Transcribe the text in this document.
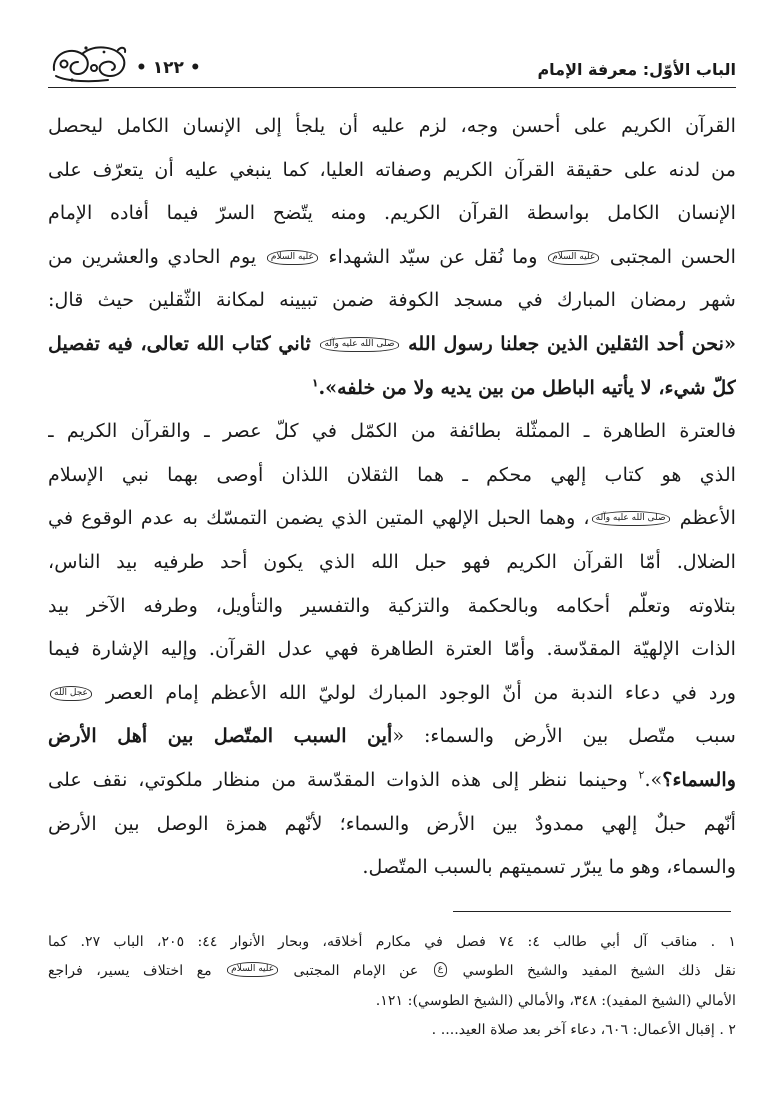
• ١٢٢ •	الباب الأوّل: معرفة الإمام
القرآن الكريم على أحسن وجه، لزم عليه أن يلجأ إلى الإنسان الكامل ليحصل
من لدنه على حقيقة القرآن الكريم وصفاته العليا، كما ينبغي عليه أن يتعرّف على
الإنسان الكامل بواسطة القرآن الكريم. ومنه يتّضح السرّ فيما أفاده الإمام
الحسن المجتبى عليه السلام وما نُقل عن سيّد الشهداء عليه السلام يوم الحادي والعشرين من
شهر رمضان المبارك في مسجد الكوفة ضمن تبيينه لمكانة الثّقلين حيث قال:
«نحن أحد الثقلين الذين جعلنا رسول الله صلى الله عليه وآله ثاني كتاب الله تعالى، فيه تفصيل
كلّ شيء، لا يأتيه الباطل من بين يديه ولا من خلفه».$^١$
فالعترة الطاهرة ـ الممثّلة بطائفة من الكمّل في كلّ عصر ـ والقرآن الكريم ـ
الذي هو كتاب إلهي محكم ـ هما الثقلان اللذان أوصى بهما نبي الإسلام
الأعظم صلى الله عليه وآله، وهما الحبل الإلهي المتين الذي يضمن التمسّك به عدم الوقوع في
الضلال. أمّا القرآن الكريم فهو حبل الله الذي يكون أحد طرفيه بيد الناس،
بتلاوته وتعلّم أحكامه وبالحكمة والتزكية والتفسير والتأويل، وطرفه الآخر بيد
الذات الإلهيّة المقدّسة. وأمّا العترة الطاهرة فهي عدل القرآن. وإليه الإشارة فيما
ورد في دعاء الندبة من أنّ الوجود المبارك لوليّ الله الأعظم إمام العصر عجل الله
سبب متّصل بين الأرض والسماء: «أين السبب المتّصل بين أهل الأرض
والسماء؟».$^٢$ وحينما ننظر إلى هذه الذوات المقدّسة من منظار ملكوتي، نقف على
أنّهم حبلٌ إلهي ممدودٌ بين الأرض والسماء؛ لأنّهم همزة الوصل بين الأرض
والسماء، وهو ما يبرّر تسميتهم بالسبب المتّصل.
١ . مناقب آل أبي طالب ٤: ٧٤ فصل في مكارم أخلاقه، وبحار الأنوار ٤٤: ٢٠٥، الباب ٢٧. كما
نقل ذلك الشيخ المفيد والشيخ الطوسي ع عن الإمام المجتبى عليه السلام مع اختلاف يسير، فراجع
الأمالي (الشيخ المفيد): ٣٤٨، والأمالي (الشيخ الطوسي): ١٢١.
٢ . إقبال الأعمال: ٦٠٦، دعاء آخر بعد صلاة العيد.... .
